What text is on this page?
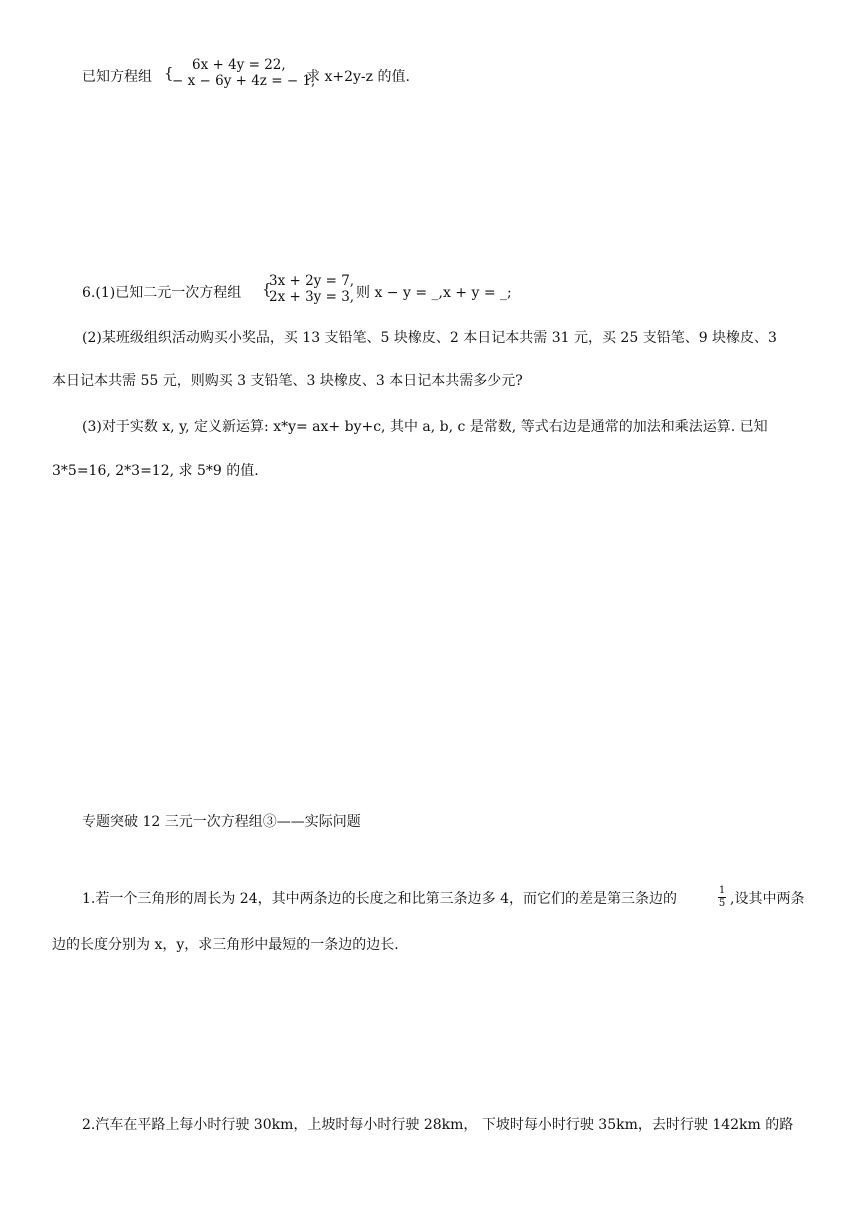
已知方程组 {	6x + 4y = 22,
− x − 6y + 4z = − 1,
求 x+2y-z 的值.
6.(1)已知二元一次方程组 {
3x + 2y = 7,
2x + 3y = 3, 则 x − y = _,x + y = _;
(2)某班级组织活动购买小奖品，买 13 支铅笔、5 块橡皮、2 本日记本共需 31 元，买 25 支铅笔、9 块橡皮、3
本日记本共需 55 元，则购买 3 支铅笔、3 块橡皮、3 本日记本共需多少元?
(3)对于实数 x, y, 定义新运算: x*y= ax+ by+c, 其中 a, b, c 是常数, 等式右边是通常的加法和乘法运算. 已知
3*5=16, 2*3=12, 求 5*9 的值.
专题突破 12 三元一次方程组③——实际问题
1.若一个三角形的周长为 24，其中两条边的长度之和比第三条边多 4，而它们的差是第三条边的
1
5 ,设其中两条
边的长度分别为 x，y，求三角形中最短的一条边的边长.
2.汽车在平路上每小时行驶 30km，上坡时每小时行驶 28km， 下坡时每小时行驶 35km，去时行驶 142km 的路
